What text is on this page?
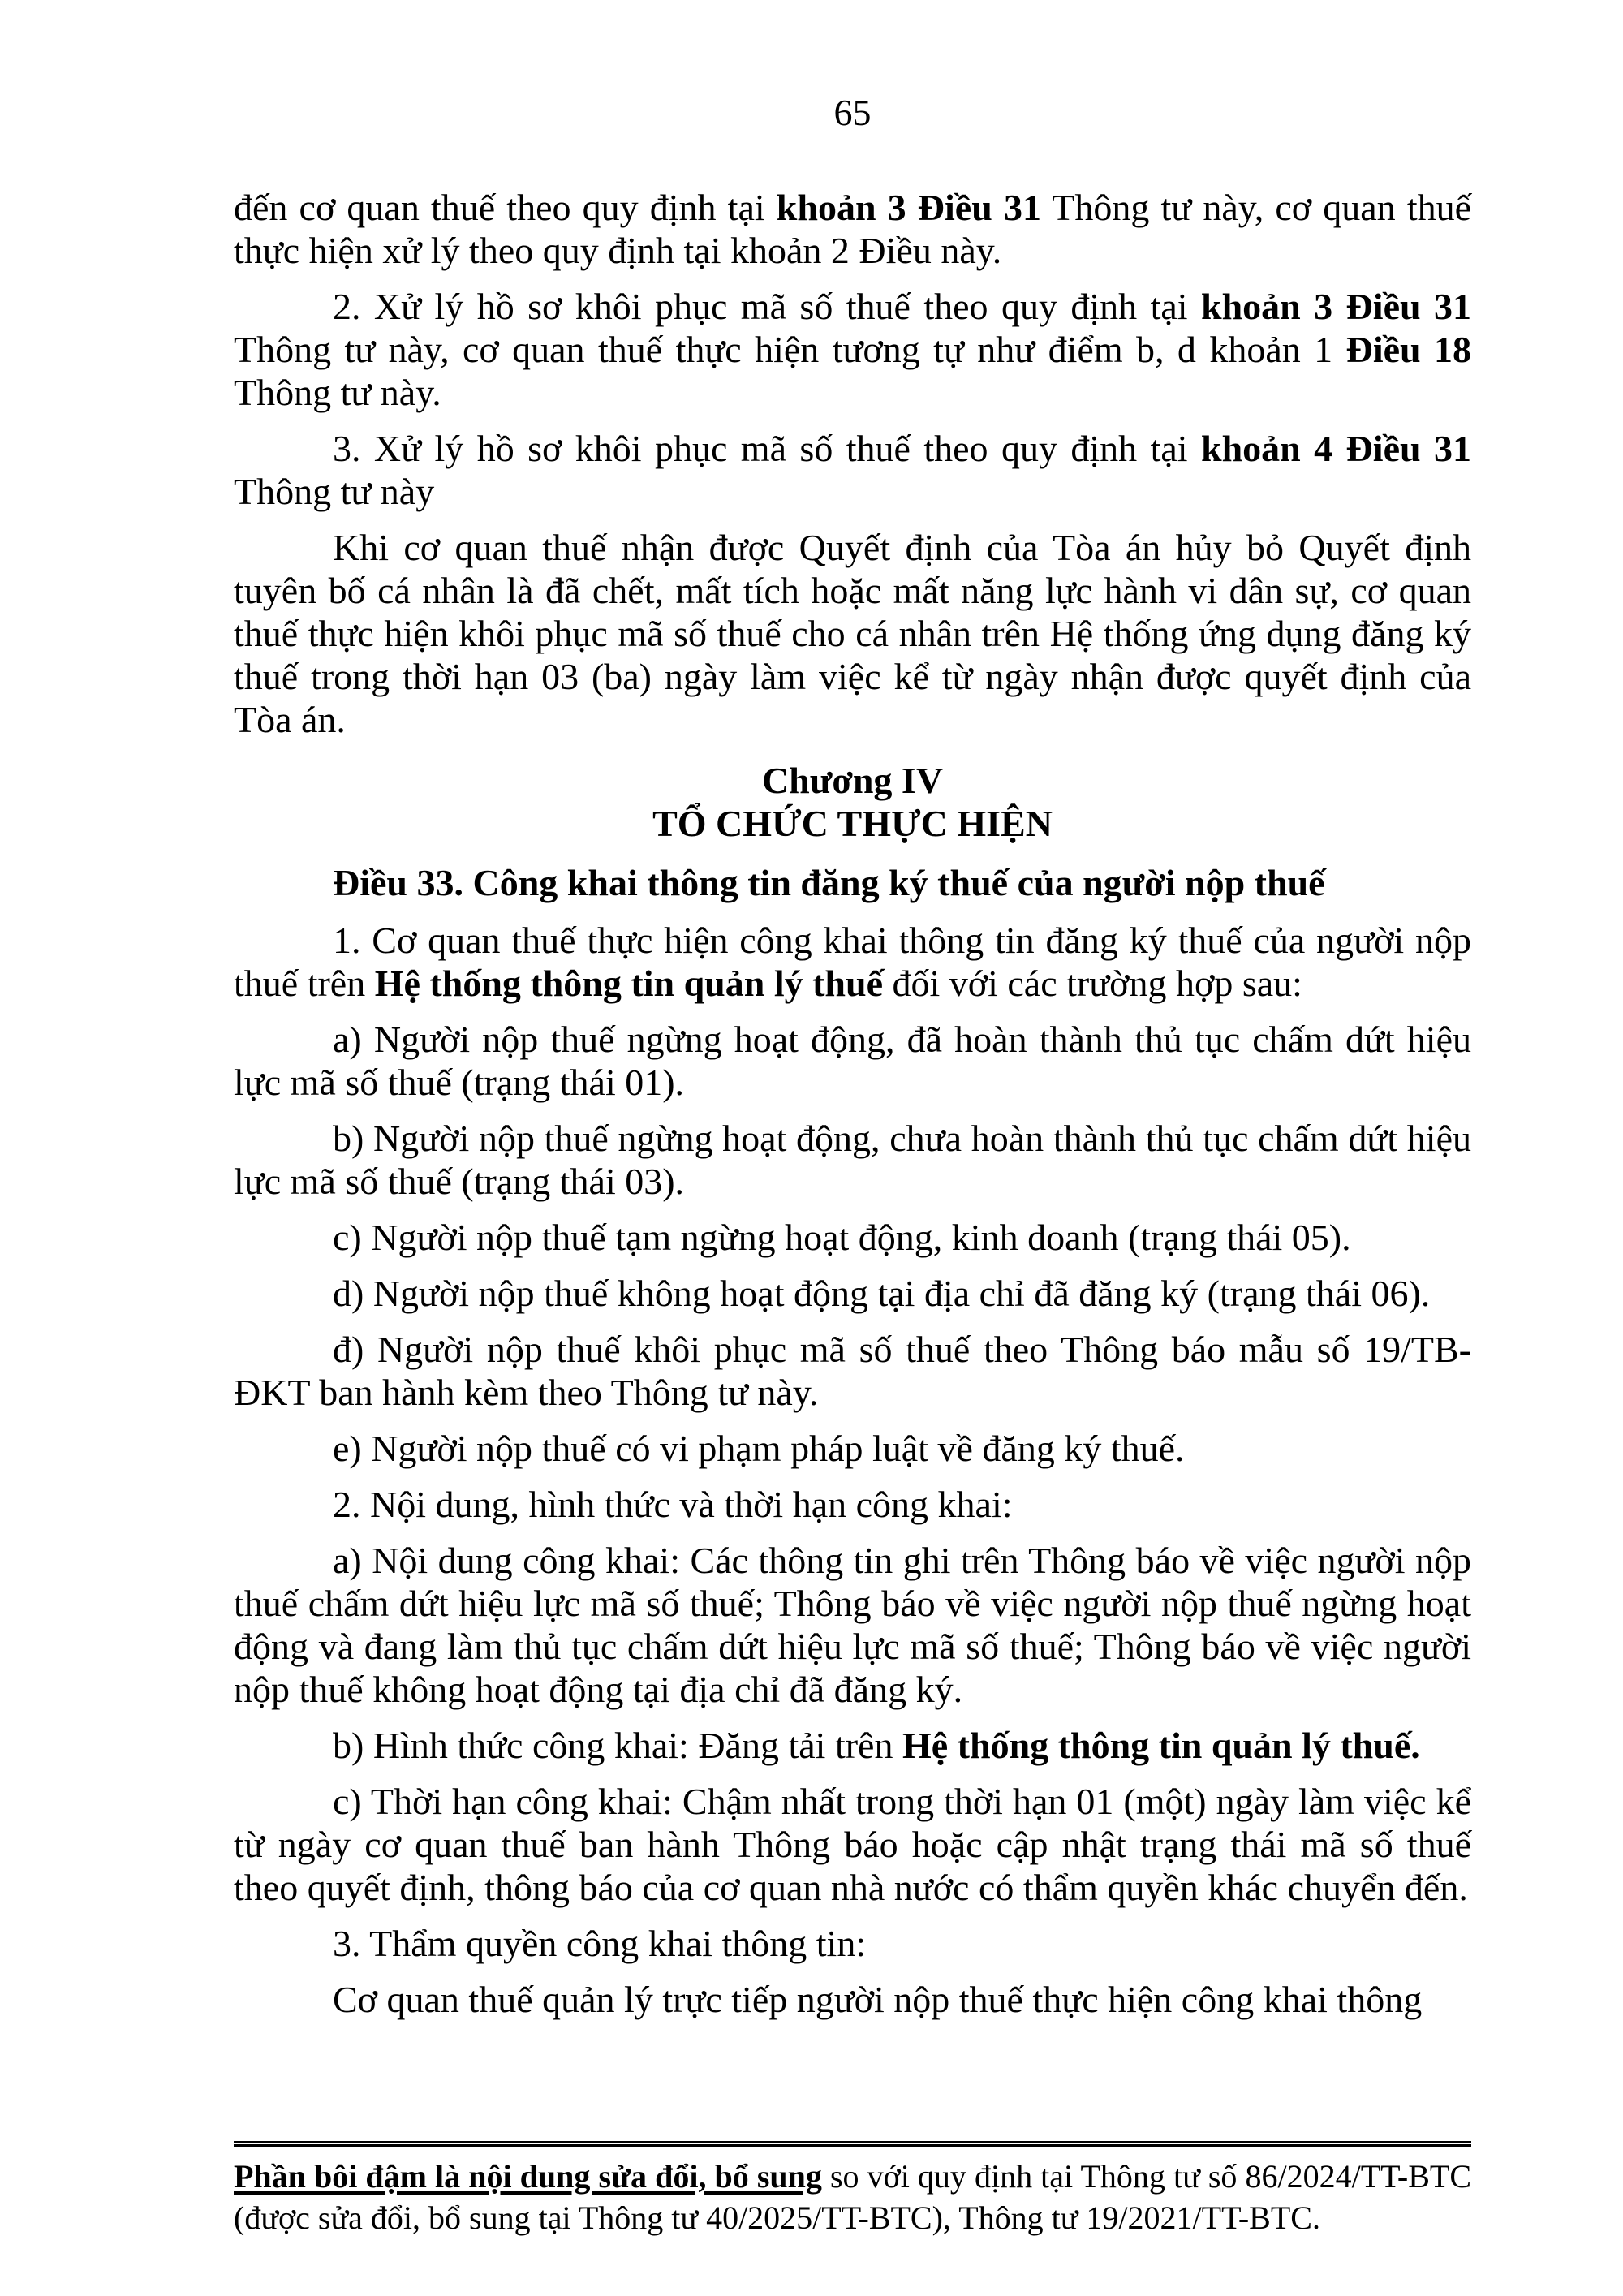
65

đến cơ quan thuế theo quy định tại khoản 3 Điều 31 Thông tư này, cơ quan thuế thực hiện xử lý theo quy định tại khoản 2 Điều này.

2. Xử lý hồ sơ khôi phục mã số thuế theo quy định tại khoản 3 Điều 31 Thông tư này, cơ quan thuế thực hiện tương tự như điểm b, d khoản 1 Điều 18 Thông tư này.

3. Xử lý hồ sơ khôi phục mã số thuế theo quy định tại khoản 4 Điều 31 Thông tư này

Khi cơ quan thuế nhận được Quyết định của Tòa án hủy bỏ Quyết định tuyên bố cá nhân là đã chết, mất tích hoặc mất năng lực hành vi dân sự, cơ quan thuế thực hiện khôi phục mã số thuế cho cá nhân trên Hệ thống ứng dụng đăng ký thuế trong thời hạn 03 (ba) ngày làm việc kể từ ngày nhận được quyết định của Tòa án.

Chương IV

TỔ CHỨC THỰC HIỆN

Điều 33. Công khai thông tin đăng ký thuế của người nộp thuế

1. Cơ quan thuế thực hiện công khai thông tin đăng ký thuế của người nộp thuế trên Hệ thống thông tin quản lý thuế đối với các trường hợp sau:

a) Người nộp thuế ngừng hoạt động, đã hoàn thành thủ tục chấm dứt hiệu lực mã số thuế (trạng thái 01).

b) Người nộp thuế ngừng hoạt động, chưa hoàn thành thủ tục chấm dứt hiệu lực mã số thuế (trạng thái 03).

c) Người nộp thuế tạm ngừng hoạt động, kinh doanh (trạng thái 05).

d) Người nộp thuế không hoạt động tại địa chỉ đã đăng ký (trạng thái 06).

đ) Người nộp thuế khôi phục mã số thuế theo Thông báo mẫu số 19/TB-ĐKT ban hành kèm theo Thông tư này.

e) Người nộp thuế có vi phạm pháp luật về đăng ký thuế.

2. Nội dung, hình thức và thời hạn công khai:

a) Nội dung công khai: Các thông tin ghi trên Thông báo về việc người nộp thuế chấm dứt hiệu lực mã số thuế; Thông báo về việc người nộp thuế ngừng hoạt động và đang làm thủ tục chấm dứt hiệu lực mã số thuế; Thông báo về việc người nộp thuế không hoạt động tại địa chỉ đã đăng ký.

b) Hình thức công khai: Đăng tải trên Hệ thống thông tin quản lý thuế.

c) Thời hạn công khai: Chậm nhất trong thời hạn 01 (một) ngày làm việc kể từ ngày cơ quan thuế ban hành Thông báo hoặc cập nhật trạng thái mã số thuế theo quyết định, thông báo của cơ quan nhà nước có thẩm quyền khác chuyển đến.

3. Thẩm quyền công khai thông tin:

Cơ quan thuế quản lý trực tiếp người nộp thuế thực hiện công khai thông

Phần bôi đậm là nội dung sửa đổi, bổ sung so với quy định tại Thông tư số 86/2024/TT-BTC (được sửa đổi, bổ sung tại Thông tư 40/2025/TT-BTC), Thông tư 19/2021/TT-BTC.
